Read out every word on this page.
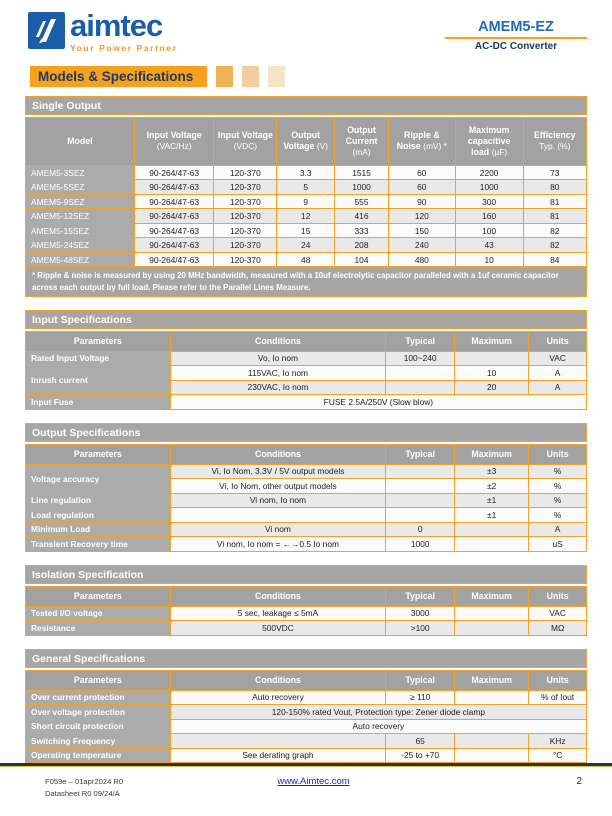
aimtec
Your Power Partner
AMEM5-EZ
AC-DC Converter
Models & Specifications
Single Output
Model	Input Voltage (VAC/Hz)	Input Voltage (VDC)	Output Voltage (V)	Output Current (mA)	Ripple & Noise (mV) *	Maximum capacitive load (μF)	Efficiency Typ. (%)
AMEM5-3SEZ	90-264/47-63	120-370	3.3	1515	60	2200	73
AMEM5-5SEZ	90-264/47-63	120-370	5	1000	60	1000	80
AMEM5-9SEZ	90-264/47-63	120-370	9	555	90	300	81
AMEM5-12SEZ	90-264/47-63	120-370	12	416	120	160	81
AMEM5-15SEZ	90-264/47-63	120-370	15	333	150	100	82
AMEM5-24SEZ	90-264/47-63	120-370	24	208	240	43	82
AMEM5-48SEZ	90-264/47-63	120-370	48	104	480	10	84
* Ripple & noise is measured by using 20 MHz bandwidth, measured with a 10uf electrolytic capacitor paralleled with a 1uf ceramic capacitor across each output by full load. Please refer to the Parallel Lines Measure.
Input Specifications
Parameters	Conditions	Typical	Maximum	Units
Rated Input Voltage	Vo, Io nom	100~240		VAC
Inrush current	115VAC, Io nom		10	A
	230VAC, Io nom		20	A
Input Fuse	FUSE 2.5A/250V (Slow blow)			
Output Specifications
Parameters	Conditions	Typical	Maximum	Units
Voltage accuracy	Vi, Io Nom, 3.3V / 5V output models		±3	%
	Vi, Io Nom, other output models		±2	%
Line regulation	Vi nom, Io nom		±1	%
Load regulation			±1	%
Minimum Load	Vi nom	0		A
Transient Recovery time	Vi nom, Io nom = ←→0.5 Io nom	1000		uS
Isolation Specification
Parameters	Conditions	Typical	Maximum	Units
Tested I/O voltage	5 sec, leakage ≤ 5mA	3000		VAC
Resistance	500VDC	>100		MΩ
General Specifications
Parameters	Conditions	Typical	Maximum	Units
Over current protection	Auto recovery	≥ 110		% of Iout
Over voltage protection	120-150% rated Vout, Protection type: Zener diode clamp			
Short circuit protection	Auto recovery			
Switching Frequency		65		KHz
Operating temperature	See derating graph	-25 to +70		°C
F059e – 01apr2024 R0
Datasheet R0 09/24/A
www.Aimtec.com	2
